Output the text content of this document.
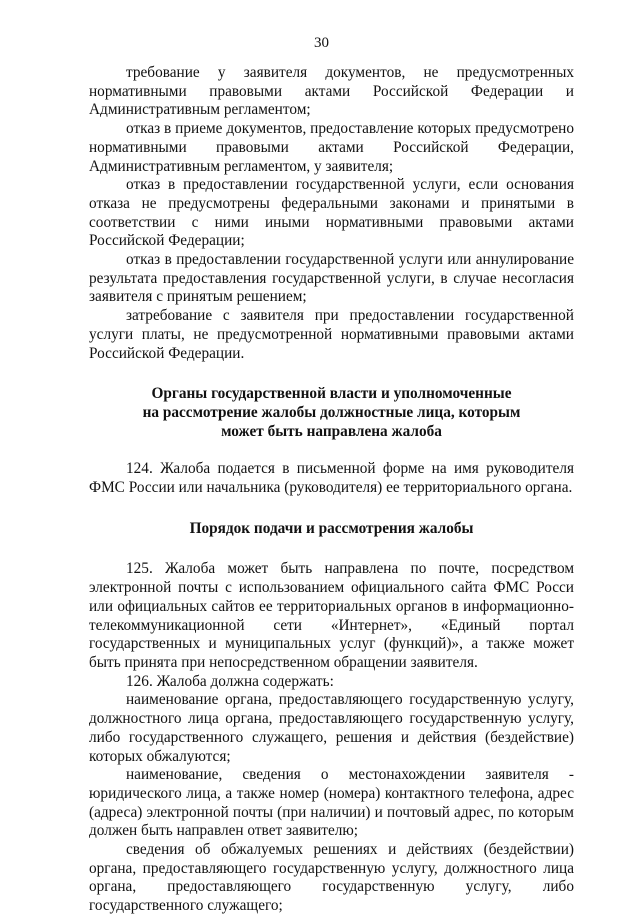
30

требование у заявителя документов, не предусмотренных нормативными правовыми актами Российской Федерации и Административным регламентом;

отказ в приеме документов, предоставление которых предусмотрено нормативными правовыми актами Российской Федерации, Административным регламентом, у заявителя;

отказ в предоставлении государственной услуги, если основания отказа не предусмотрены федеральными законами и принятыми в соответствии с ними иными нормативными правовыми актами Российской Федерации;

отказ в предоставлении государственной услуги или аннулирование результата предоставления государственной услуги, в случае несогласия заявителя с принятым решением;

затребование с заявителя при предоставлении государственной услуги платы, не предусмотренной нормативными правовыми актами Российской Федерации.

Органы государственной власти и уполномоченные

на рассмотрение жалобы должностные лица, которым

может быть направлена жалоба

124. Жалоба подается в письменной форме на имя руководителя ФМС России или начальника (руководителя) ее территориального органа.

Порядок подачи и рассмотрения жалобы

125. Жалоба может быть направлена по почте, посредством электронной почты с использованием официального сайта ФМС Росси или официальных сайтов ее территориальных органов в информационно-телекоммуникационной сети «Интернет», «Единый портал государственных и муниципальных услуг (функций)», а также может быть принята при непосредственном обращении заявителя.

126. Жалоба должна содержать:

наименование органа, предоставляющего государственную услугу, должностного лица органа, предоставляющего государственную услугу, либо государственного служащего, решения и действия (бездействие) которых обжалуются;

наименование, сведения о местонахождении заявителя - юридического лица, а также номер (номера) контактного телефона, адрес (адреса) электронной почты (при наличии) и почтовый адрес, по которым должен быть направлен ответ заявителю;

сведения об обжалуемых решениях и действиях (бездействии) органа, предоставляющего государственную услугу, должностного лица органа, предоставляющего государственную услугу, либо государственного служащего;
